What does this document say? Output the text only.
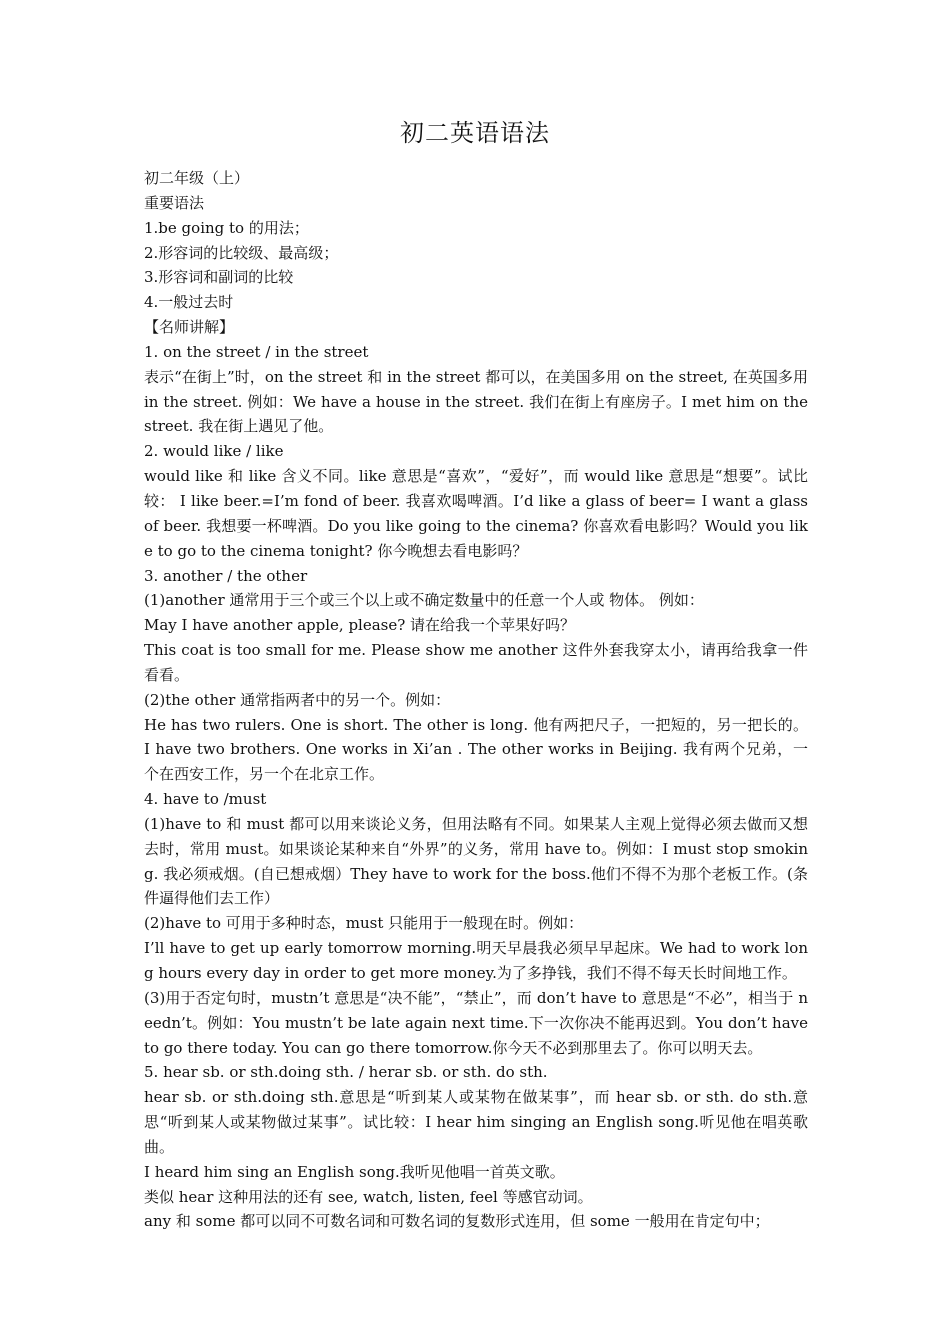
初二英语语法

初二年级（上）

重要语法

1.be going to 的用法；

2.形容词的比较级、最高级；

3.形容词和副词的比较

4.一般过去时

【名师讲解】

1. on the street / in the street

表示“在街上”时，on the street 和 in the street 都可以，在美国多用 on the street, 在英国多用 in the street. 例如：We have a house in the street. 我们在街上有座房子。I met him on the street. 我在街上遇见了他。

2. would like / like

would like 和 like 含义不同。like 意思是“喜欢”，“爱好”，而 would like 意思是“想要”。试比较： I like beer.=I’m fond of beer. 我喜欢喝啤酒。I’d like a glass of beer= I want a glass of beer. 我想要一杯啤酒。Do you like going to the cinema? 你喜欢看电影吗？Would you like to go to the cinema tonight? 你今晚想去看电影吗？

3. another / the other

(1)another 通常用于三个或三个以上或不确定数量中的任意一个人或 物体。 例如：

May I have another apple, please? 请在给我一个苹果好吗？

This coat is too small for me. Please show me another 这件外套我穿太小，请再给我拿一件看看。

(2)the other 通常指两者中的另一个。例如：

He has two rulers. One is short. The other is long. 他有两把尺子，一把短的，另一把长的。 I have two brothers. One works in Xi’an . The other works in Beijing. 我有两个兄弟，一个在西安工作，另一个在北京工作。

4. have to /must

(1)have to 和 must 都可以用来谈论义务，但用法略有不同。如果某人主观上觉得必须去做而又想去时，常用 must。如果谈论某种来自“外界”的义务，常用 have to。例如：I must stop smoking. 我必须戒烟。(自已想戒烟）They have to work for the boss.他们不得不为那个老板工作。(条件逼得他们去工作）

(2)have to 可用于多种时态，must 只能用于一般现在时。例如：

I’ll have to get up early tomorrow morning.明天早晨我必须早早起床。We had to work long hours every day in order to get more money.为了多挣钱，我们不得不每天长时间地工作。

(3)用于否定句时，mustn’t 意思是“决不能”，“禁止”，而 don’t have to 意思是“不必”，相当于 needn’t。例如：You mustn’t be late again next time.下一次你决不能再迟到。You don’t have to go there today. You can go there tomorrow.你今天不必到那里去了。你可以明天去。

5. hear sb. or sth.doing sth. / herar sb. or sth. do sth.

hear sb. or sth.doing sth.意思是“听到某人或某物在做某事”，而 hear sb. or sth. do sth.意思“听到某人或某物做过某事”。试比较：I hear him singing an English song.听见他在唱英歌曲。

I heard him sing an English song.我听见他唱一首英文歌。

类似 hear 这种用法的还有 see, watch, listen, feel 等感官动词。

any 和 some 都可以同不可数名词和可数名词的复数形式连用，但 some 一般用在肯定句中；
